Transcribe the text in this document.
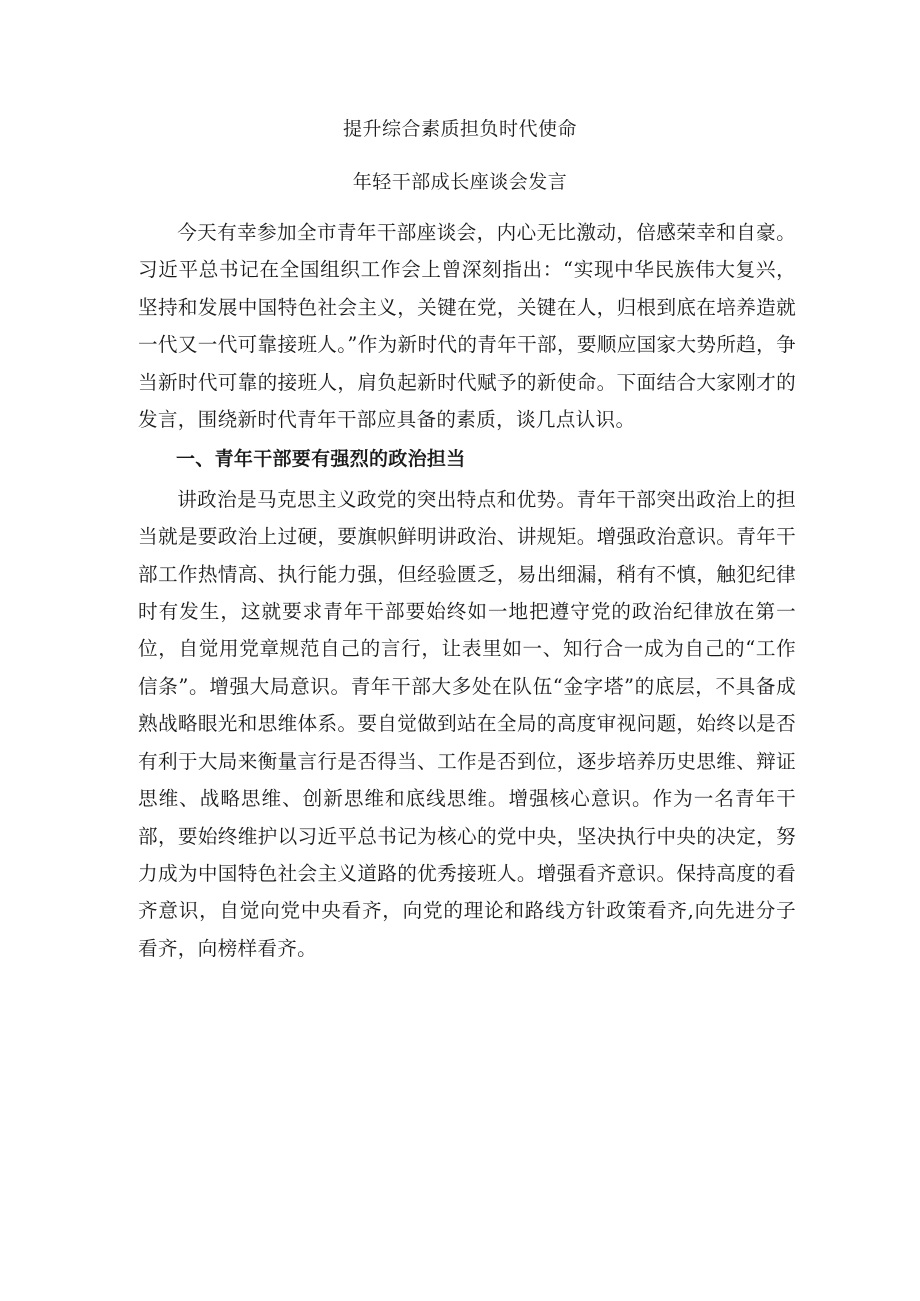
提升综合素质担负时代使命
年轻干部成长座谈会发言

今天有幸参加全市青年干部座谈会，内心无比激动，倍感荣幸和自豪。习近平总书记在全国组织工作会上曾深刻指出：“实现中华民族伟大复兴，坚持和发展中国特色社会主义，关键在党，关键在人，归根到底在培养造就一代又一代可靠接班人。”作为新时代的青年干部，要顺应国家大势所趋，争当新时代可靠的接班人，肩负起新时代赋予的新使命。下面结合大家刚才的发言，围绕新时代青年干部应具备的素质，谈几点认识。

一、青年干部要有强烈的政治担当

讲政治是马克思主义政党的突出特点和优势。青年干部突出政治上的担当就是要政治上过硬，要旗帜鲜明讲政治、讲规矩。增强政治意识。青年干部工作热情高、执行能力强，但经验匮乏，易出细漏，稍有不慎，触犯纪律时有发生，这就要求青年干部要始终如一地把遵守党的政治纪律放在第一位，自觉用党章规范自己的言行，让表里如一、知行合一成为自己的“工作信条”。增强大局意识。青年干部大多处在队伍“金字塔”的底层，不具备成熟战略眼光和思维体系。要自觉做到站在全局的高度审视问题，始终以是否有利于大局来衡量言行是否得当、工作是否到位，逐步培养历史思维、辩证思维、战略思维、创新思维和底线思维。增强核心意识。作为一名青年干部，要始终维护以习近平总书记为核心的党中央，坚决执行中央的决定，努力成为中国特色社会主义道路的优秀接班人。增强看齐意识。保持高度的看齐意识，自觉向党中央看齐，向党的理论和路线方针政策看齐,向先进分子看齐，向榜样看齐。
